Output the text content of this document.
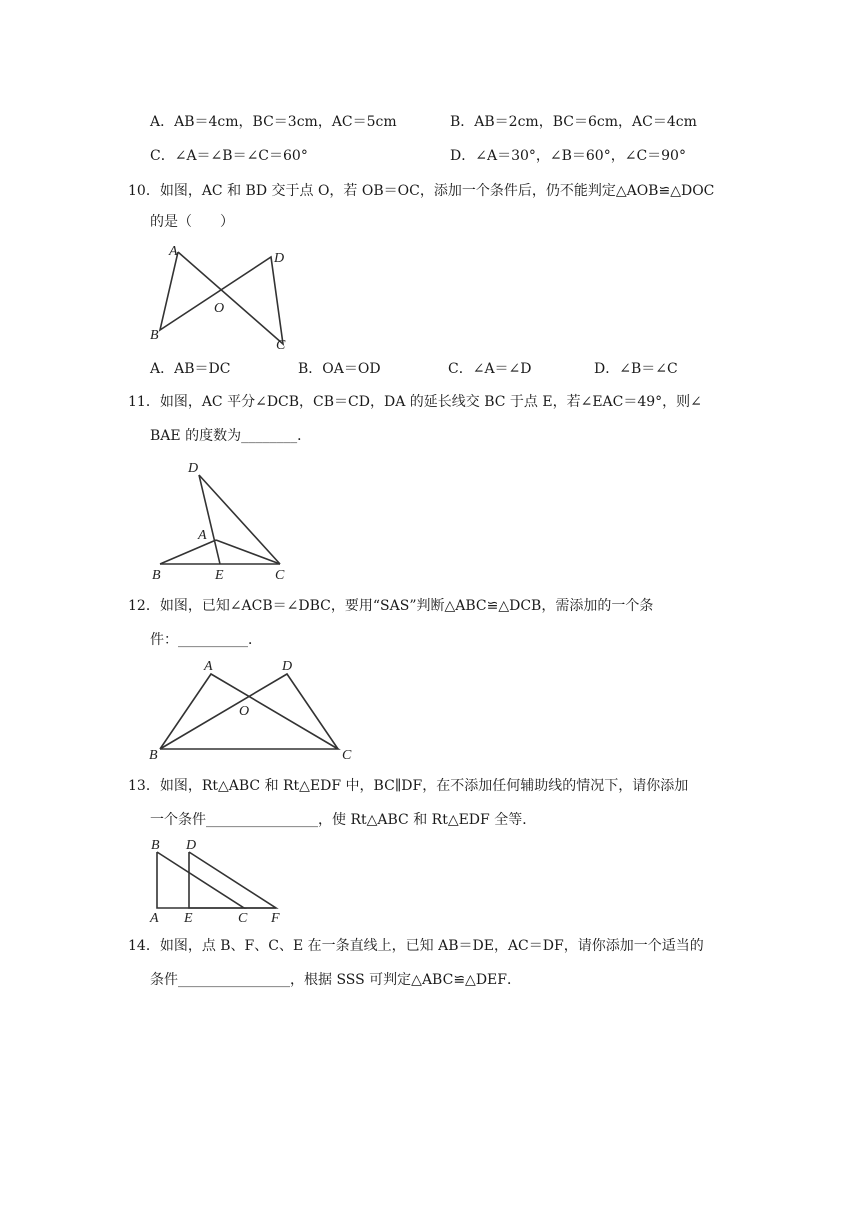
A．AB＝4cm，BC＝3cm，AC＝5cm	B．AB＝2cm，BC＝6cm，AC＝4cm
C．∠A＝∠B＝∠C＝60°	D．∠A＝30°，∠B＝60°，∠C＝90°
10．如图，AC 和 BD 交于点 O，若 OB＝OC，添加一个条件后，仍不能判定△AOB≌△DOC
的是（　　）
A
B
C
D
O
A．AB＝DC	B．OA＝OD	C．∠A＝∠D	D．∠B＝∠C
11．如图，AC 平分∠DCB，CB＝CD，DA 的延长线交 BC 于点 E，若∠EAC＝49°，则∠
BAE 的度数为________．
D
A
B	E	C
12．如图，已知∠ACB＝∠DBC，要用“SAS”判断△ABC≌△DCB，需添加的一个条
件：__________．
A	D
O
B	C
13．如图，Rt△ABC 和 Rt△EDF 中，BC∥DF，在不添加任何辅助线的情况下，请你添加
一个条件________________，使 Rt△ABC 和 Rt△EDF 全等．
B D
A E	C F
14．如图，点 B、F、C、E 在一条直线上，已知 AB＝DE，AC＝DF，请你添加一个适当的
条件________________，根据 SSS 可判定△ABC≌△DEF．
